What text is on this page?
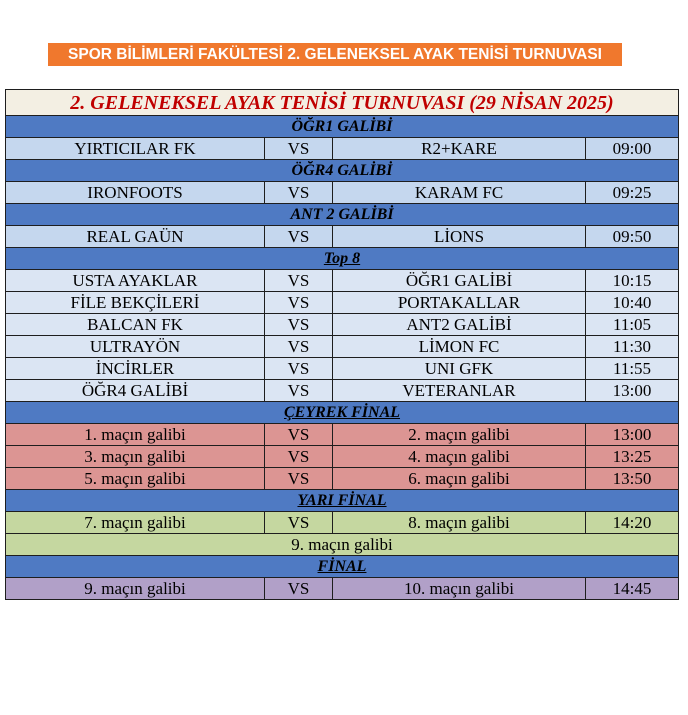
SPOR BİLİMLERİ FAKÜLTESİ 2. GELENEKSEL AYAK TENİSİ TURNUVASI
2. GELENEKSEL AYAK TENİSİ TURNUVASI (29 NİSAN 2025)			
ÖĞR1 GALİBİ			
YIRTICILAR FK	VS	R2+KARE	09:00
ÖĞR4 GALİBİ			
IRONFOOTS	VS	KARAM FC	09:25
ANT 2 GALİBİ			
REAL GAÜN	VS	LİONS	09:50
Top 8			
USTA AYAKLAR	VS	ÖĞR1 GALİBİ	10:15
FİLE BEKÇİLERİ	VS	PORTAKALLAR	10:40
BALCAN FK	VS	ANT2 GALİBİ	11:05
ULTRAYÖN	VS	LİMON FC	11:30
İNCİRLER	VS	UNI GFK	11:55
ÖĞR4 GALİBİ	VS	VETERANLAR	13:00
ÇEYREK FİNAL			
1. maçın galibi	VS	2. maçın galibi	13:00
3. maçın galibi	VS	4. maçın galibi	13:25
5. maçın galibi	VS	6. maçın galibi	13:50
YARI FİNAL			
7. maçın galibi	VS	8. maçın galibi	14:20
9. maçın galibi			
FİNAL			
9. maçın galibi	VS	10. maçın galibi	14:45
